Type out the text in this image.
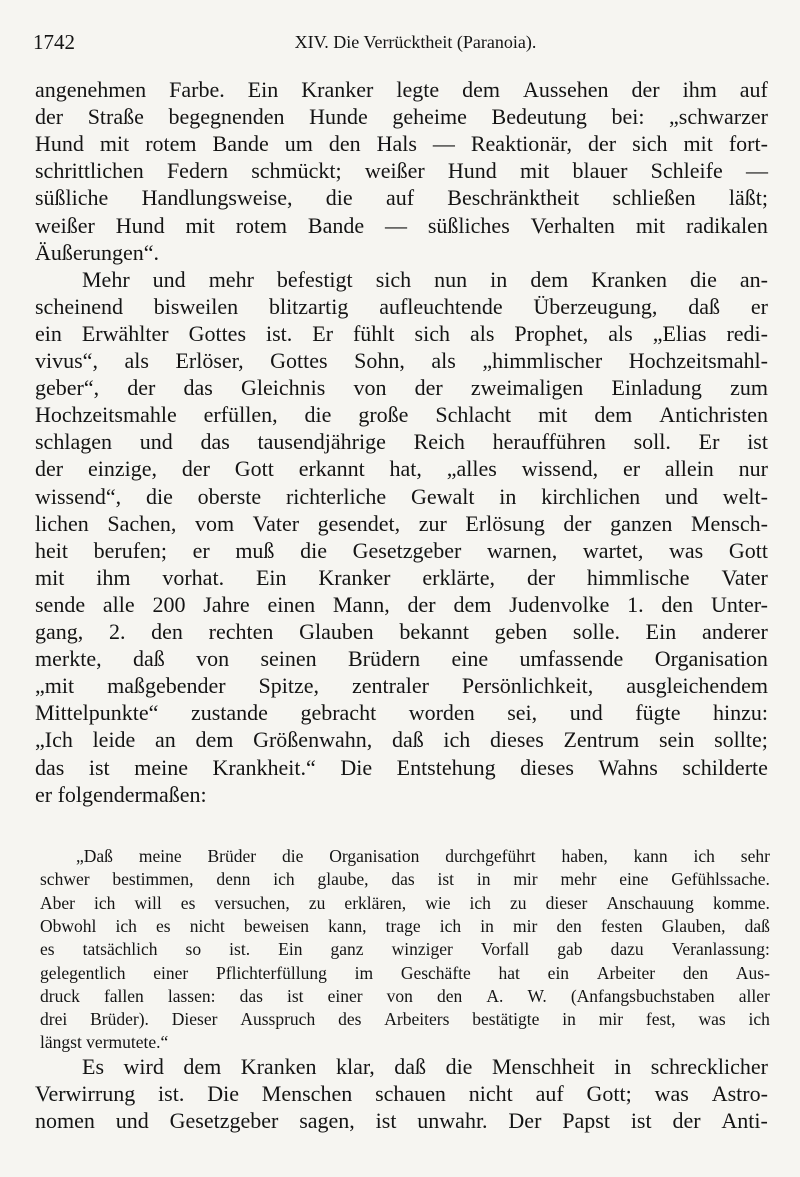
1742	XIV. Die Verrücktheit (Paranoia).
angenehmen Farbe. Ein Kranker legte dem Aussehen der ihm auf
der Straße begegnenden Hunde geheime Bedeutung bei: „schwarzer
Hund mit rotem Bande um den Hals — Reaktionär, der sich mit fort-
schrittlichen Federn schmückt; weißer Hund mit blauer Schleife —
süßliche Handlungsweise, die auf Beschränktheit schließen läßt;
weißer Hund mit rotem Bande — süßliches Verhalten mit radikalen
Äußerungen“.
Mehr und mehr befestigt sich nun in dem Kranken die an-
scheinend bisweilen blitzartig aufleuchtende Überzeugung, daß er
ein Erwählter Gottes ist. Er fühlt sich als Prophet, als „Elias redi-
vivus“, als Erlöser, Gottes Sohn, als „himmlischer Hochzeitsmahl-
geber“, der das Gleichnis von der zweimaligen Einladung zum
Hochzeitsmahle erfüllen, die große Schlacht mit dem Antichristen
schlagen und das tausendjährige Reich heraufführen soll. Er ist
der einzige, der Gott erkannt hat, „alles wissend, er allein nur
wissend“, die oberste richterliche Gewalt in kirchlichen und welt-
lichen Sachen, vom Vater gesendet, zur Erlösung der ganzen Mensch-
heit berufen; er muß die Gesetzgeber warnen, wartet, was Gott
mit ihm vorhat. Ein Kranker erklärte, der himmlische Vater
sende alle 200 Jahre einen Mann, der dem Judenvolke 1. den Unter-
gang, 2. den rechten Glauben bekannt geben solle. Ein anderer
merkte, daß von seinen Brüdern eine umfassende Organisation
„mit maßgebender Spitze, zentraler Persönlichkeit, ausgleichendem
Mittelpunkte“ zustande gebracht worden sei, und fügte hinzu:
„Ich leide an dem Größenwahn, daß ich dieses Zentrum sein sollte;
das ist meine Krankheit.“ Die Entstehung dieses Wahns schilderte
er folgendermaßen:
Es wird dem Kranken klar, daß die Menschheit in schrecklicher
Verwirrung ist. Die Menschen schauen nicht auf Gott; was Astro-
nomen und Gesetzgeber sagen, ist unwahr. Der Papst ist der Anti-
„Daß meine Brüder die Organisation durchgeführt haben, kann ich sehr
schwer bestimmen, denn ich glaube, das ist in mir mehr eine Gefühlssache.
Aber ich will es versuchen, zu erklären, wie ich zu dieser Anschauung komme.
Obwohl ich es nicht beweisen kann, trage ich in mir den festen Glauben, daß
es tatsächlich so ist. Ein ganz winziger Vorfall gab dazu Veranlassung:
gelegentlich einer Pflichterfüllung im Geschäfte hat ein Arbeiter den Aus-
druck fallen lassen: das ist einer von den A. W. (Anfangsbuchstaben aller
drei Brüder). Dieser Ausspruch des Arbeiters bestätigte in mir fest, was ich
längst vermutete.“
